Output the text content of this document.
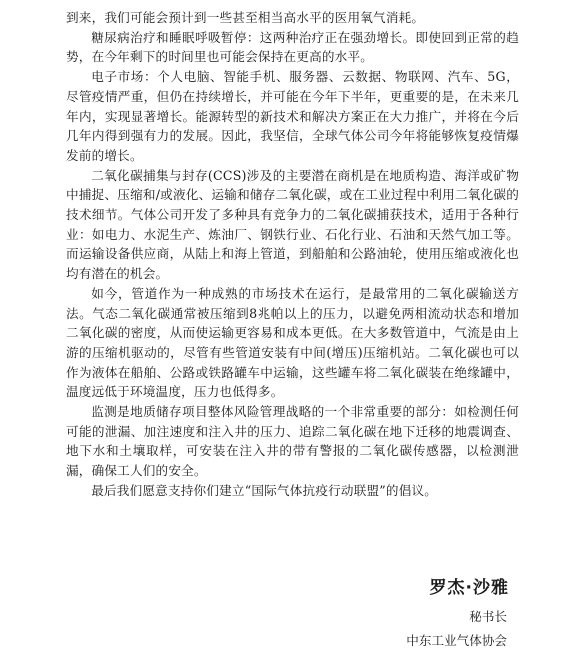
到来，我们可能会预计到一些甚至相当高水平的医用氧气消耗。

糖尿病治疗和睡眠呼吸暂停：这两种治疗正在强劲增长。即使回到正常的趋势，在今年剩下的时间里也可能会保持在更高的水平。

电子市场：个人电脑、智能手机、服务器、云数据、物联网、汽车、5G，尽管疫情严重，但仍在持续增长，并可能在今年下半年，更重要的是，在未来几年内，实现显著增长。能源转型的新技术和解决方案正在大力推广，并将在今后几年内得到强有力的发展。因此，我坚信，全球气体公司今年将能够恢复疫情爆发前的增长。

二氧化碳捕集与封存(CCS)涉及的主要潜在商机是在地质构造、海洋或矿物中捕捉、压缩和/或液化、运输和储存二氧化碳，或在工业过程中利用二氧化碳的技术细节。气体公司开发了多种具有竞争力的二氧化碳捕获技术，适用于各种行业：如电力、水泥生产、炼油厂、钢铁行业、石化行业、石油和天然气加工等。而运输设备供应商，从陆上和海上管道，到船舶和公路油轮，使用压缩或液化也均有潜在的机会。

如今，管道作为一种成熟的市场技术在运行，是最常用的二氧化碳输送方法。气态二氧化碳通常被压缩到8兆帕以上的压力，以避免两相流动状态和增加二氧化碳的密度，从而使运输更容易和成本更低。在大多数管道中，气流是由上游的压缩机驱动的，尽管有些管道安装有中间(增压)压缩机站。二氧化碳也可以作为液体在船舶、公路或铁路罐车中运输，这些罐车将二氧化碳装在绝缘罐中，温度远低于环境温度，压力也低得多。

监测是地质储存项目整体风险管理战略的一个非常重要的部分：如检测任何可能的泄漏、加注速度和注入井的压力、追踪二氧化碳在地下迁移的地震调查、地下水和土壤取样，可安装在注入井的带有警报的二氧化碳传感器，以检测泄漏，确保工人们的安全。

最后我们愿意支持你们建立“国际气体抗疫行动联盟”的倡议。

罗杰·沙雅
秘书长
中东工业气体协会
